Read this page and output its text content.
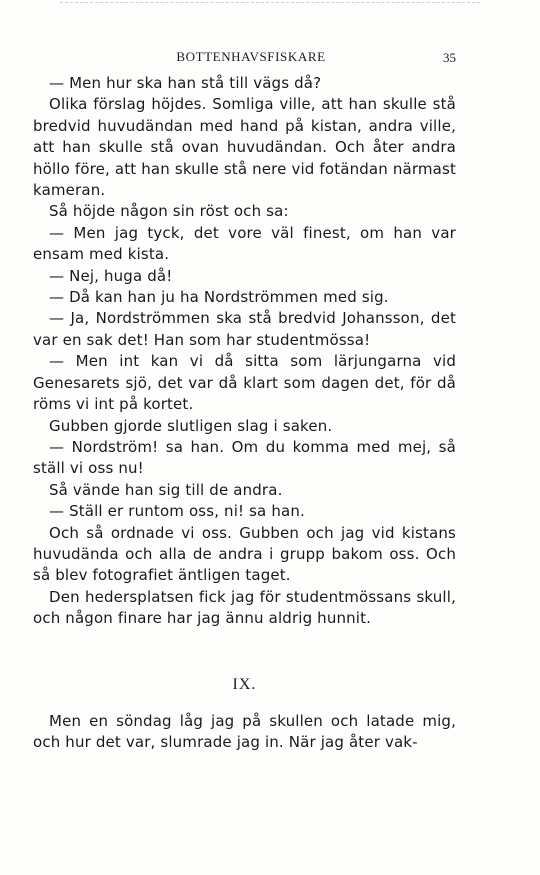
BOTTENHAVSFISKARE	35

— Men hur ska han stå till vägs då?

Olika förslag höjdes. Somliga ville, att han skulle stå bredvid huvudändan med hand på kistan, andra ville, att han skulle stå ovan huvudändan. Och åter andra höllo före, att han skulle stå nere vid fotändan närmast kameran.

Så höjde någon sin röst och sa:

— Men jag tyck, det vore väl finest, om han var ensam med kista.

— Nej, huga då!

— Då kan han ju ha Nordströmmen med sig.

— Ja, Nordströmmen ska stå bredvid Johansson, det var en sak det! Han som har studentmössa!

— Men int kan vi då sitta som lärjungarna vid Genesarets sjö, det var då klart som dagen det, för då röms vi int på kortet.

Gubben gjorde slutligen slag i saken.

— Nordström! sa han. Om du komma med mej, så ställ vi oss nu!

Så vände han sig till de andra.

— Ställ er runtom oss, ni! sa han.

Och så ordnade vi oss. Gubben och jag vid kistans huvudända och alla de andra i grupp bakom oss. Och så blev fotografiet äntligen taget.

Den hedersplatsen fick jag för studentmössans skull, och någon finare har jag ännu aldrig hunnit.

IX.

Men en söndag låg jag på skullen och latade mig, och hur det var, slumrade jag in. När jag åter vak-
